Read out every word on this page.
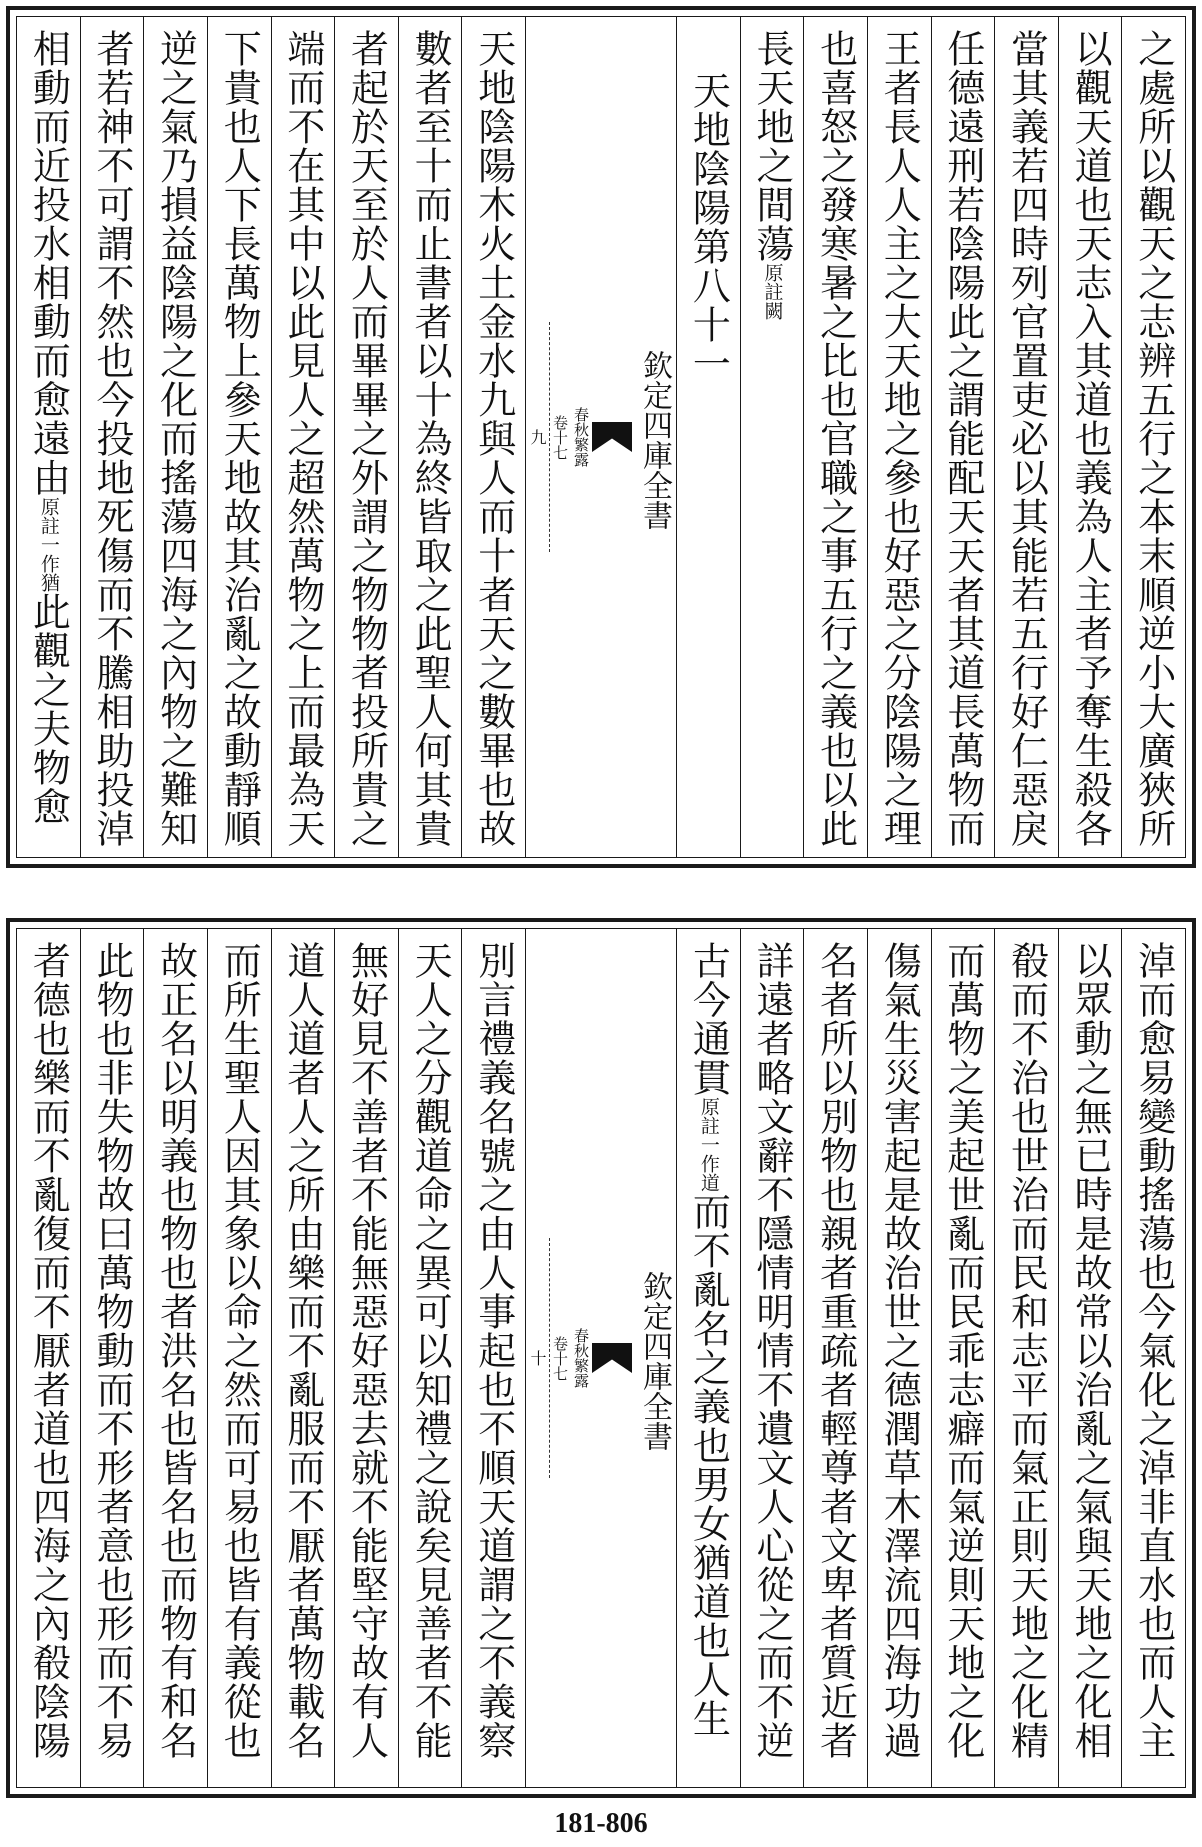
之處所以觀天之志辨五行之本末順逆小大廣狹所
以觀天道也天志入其道也義為人主者予奪生殺各
當其義若四時列官置吏必以其能若五行好仁惡戾
任德遠刑若陰陽此之謂能配天天者其道長萬物而
王者長人人主之大天地之參也好惡之分陰陽之理
也喜怒之發寒暑之比也官職之事五行之義也以此
長天地之間蕩
原註闕
天地陰陽第八十一
欽定四庫全書
春秋繁露
卷十七
九
天地陰陽木火土金水九與人而十者天之數畢也故
數者至十而止書者以十為終皆取之此聖人何其貴
者起於天至於人而畢畢之外謂之物物者投所貴之
端而不在其中以此見人之超然萬物之上而最為天
下貴也人下長萬物上參天地故其治亂之故動靜順
逆之氣乃損益陰陽之化而搖蕩四海之內物之難知
者若神不可謂不然也今投地死傷而不騰相助投淖
相動而近投水相動而愈遠由
原註一作猶
此觀之夫物愈
淖而愈易變動搖蕩也今氣化之淖非直水也而人主
以眾動之無已時是故常以治亂之氣與天地之化相
殽而不治也世治而民和志平而氣正則天地之化精
而萬物之美起世亂而民乖志癖而氣逆則天地之化
傷氣生災害起是故治世之德潤草木澤流四海功過
名者所以別物也親者重疏者輕尊者文卑者質近者
詳遠者略文辭不隱情明情不遺文人心從之而不逆
古今通貫
原註一作道
而不亂名之義也男女猶道也人生
欽定四庫全書
春秋繁露
卷十七
十
別言禮義名號之由人事起也不順天道謂之不義察
天人之分觀道命之異可以知禮之說矣見善者不能
無好見不善者不能無惡好惡去就不能堅守故有人
道人道者人之所由樂而不亂服而不厭者萬物載名
而所生聖人因其象以命之然而可易也皆有義從也
故正名以明義也物也者洪名也皆名也而物有和名
此物也非失物故曰萬物動而不形者意也形而不易
者德也樂而不亂復而不厭者道也四海之內殽陰陽
181-806
